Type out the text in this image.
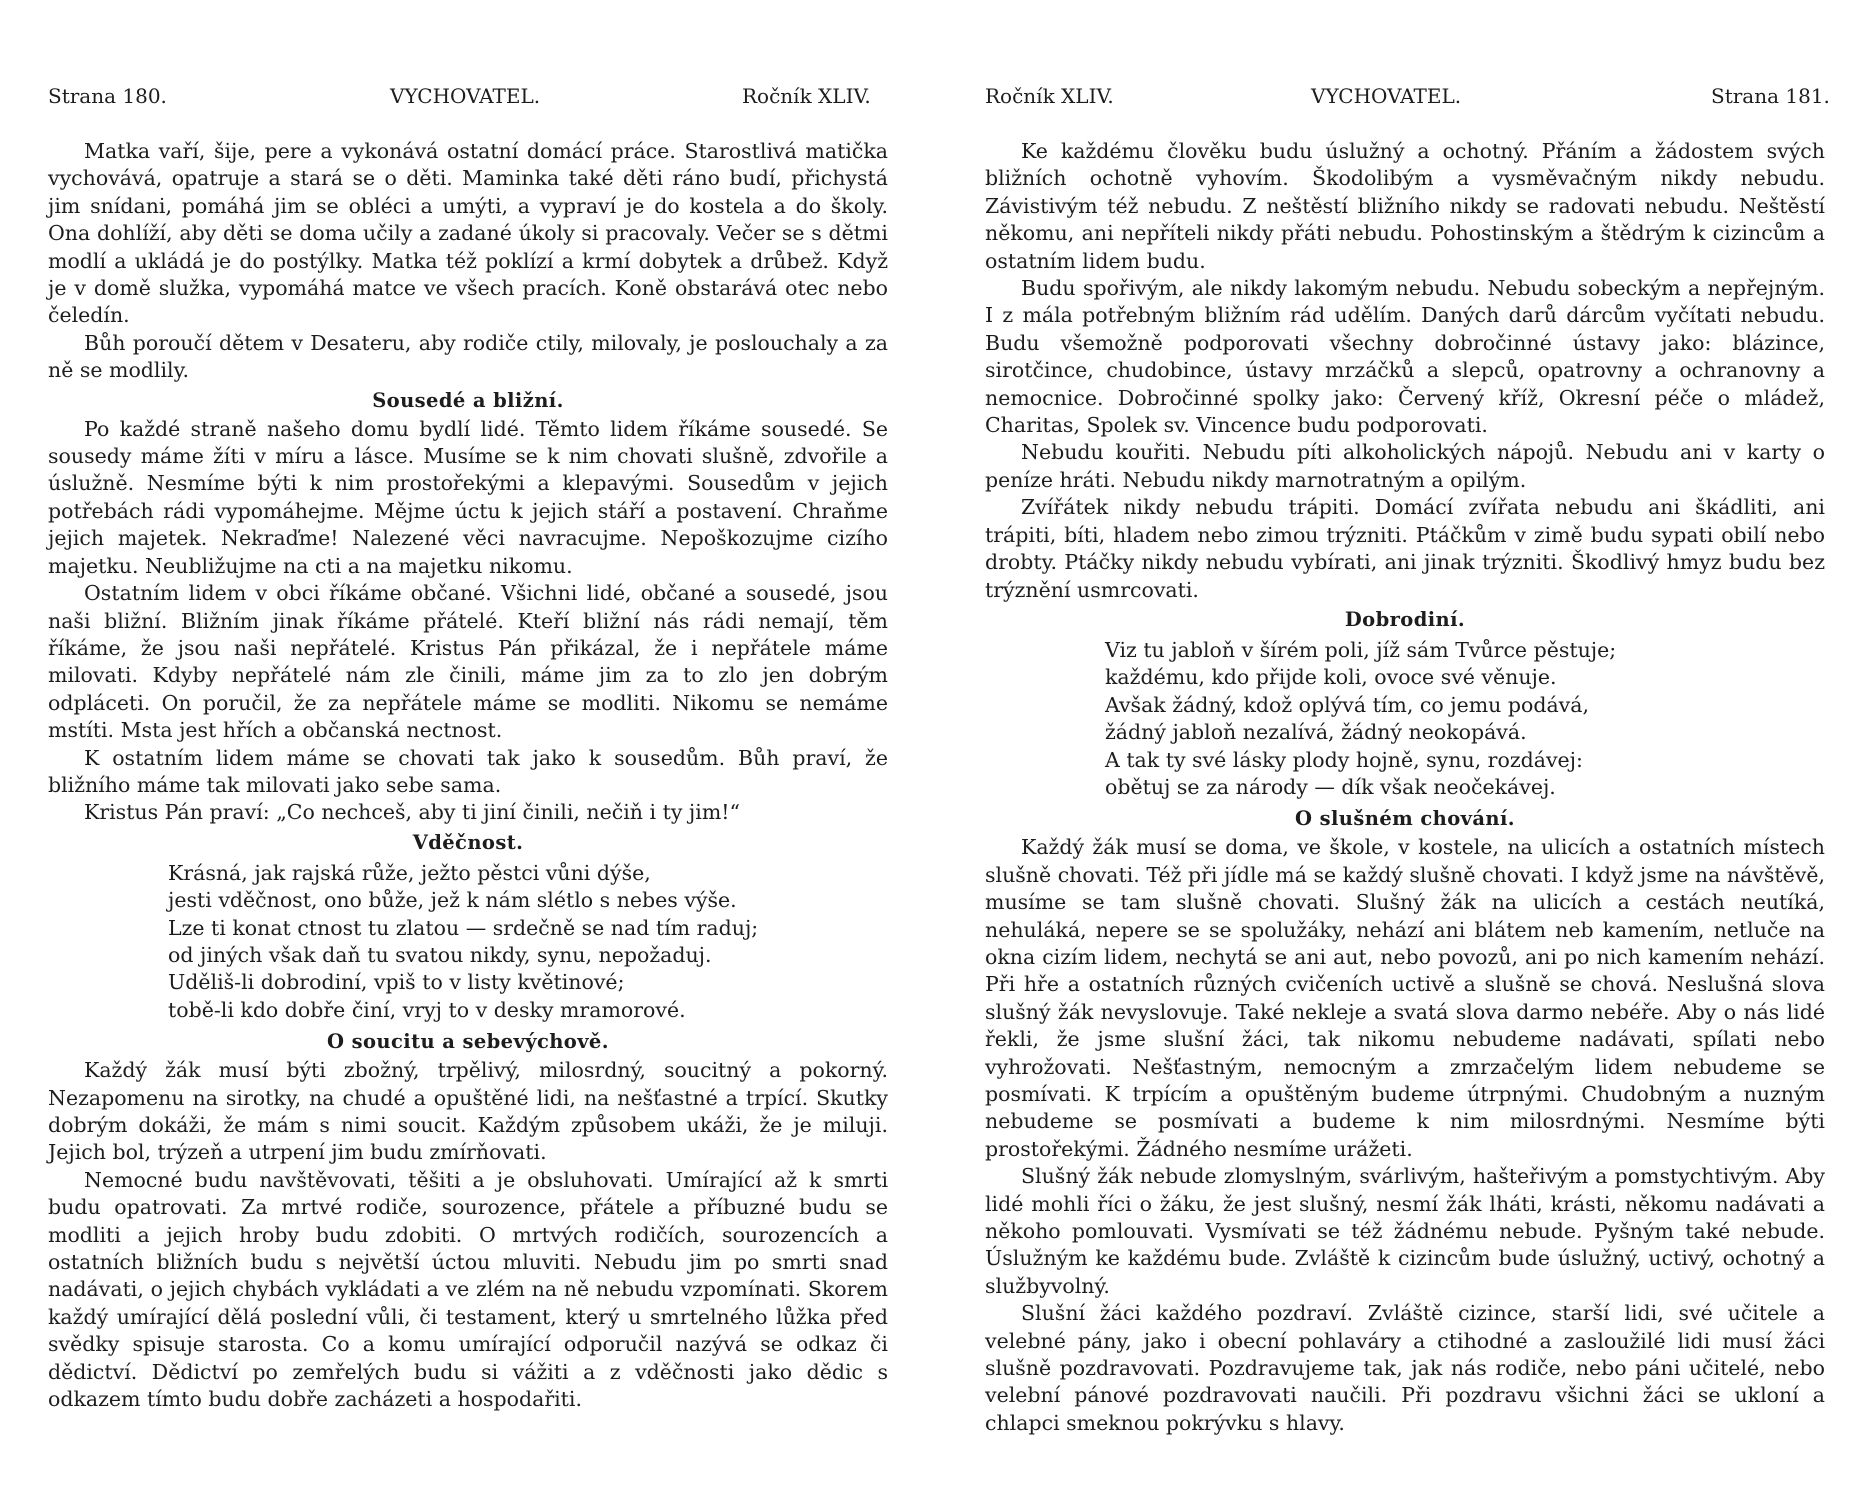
Strana 180.	VYCHOVATEL.	Ročník XLIV.

Matka vaří, šije, pere a vykonává ostatní domácí práce. Starostlivá matička vychovává, opatruje a stará se o děti. Maminka také děti ráno budí, přichystá jim snídani, pomáhá jim se obléci a umýti, a vypraví je do kostela a do školy. Ona dohlíží, aby děti se doma učily a zadané úkoly si pracovaly. Večer se s dětmi modlí a ukládá je do postýlky. Matka též poklízí a krmí dobytek a drůbež. Když je v domě služka, vypomáhá matce ve všech pracích. Koně obstarává otec nebo čeledín.

Bůh poroučí dětem v Desateru, aby rodiče ctily, milovaly, je poslouchaly a za ně se modlily.

Sousedé a bližní.

Po každé straně našeho domu bydlí lidé. Těmto lidem říkáme sousedé. Se sousedy máme žíti v míru a lásce. Musíme se k nim chovati slušně, zdvořile a úslužně. Nesmíme býti k nim prostořekými a klepavými. Sousedům v jejich potřebách rádi vypomáhejme. Mějme úctu k jejich stáří a postavení. Chraňme jejich majetek. Nekraďme! Nalezené věci navracujme. Nepoškozujme cizího majetku. Neubližujme na cti a na majetku nikomu.

Ostatním lidem v obci říkáme občané. Všichni lidé, občané a sousedé, jsou naši bližní. Bližním jinak říkáme přátelé. Kteří bližní nás rádi nemají, těm říkáme, že jsou naši nepřátelé. Kristus Pán přikázal, že i nepřátele máme milovati. Kdyby nepřátelé nám zle činili, máme jim za to zlo jen dobrým odpláceti. On poručil, že za nepřátele máme se modliti. Nikomu se nemáme mstíti. Msta jest hřích a občanská nectnost.

K ostatním lidem máme se chovati tak jako k sousedům. Bůh praví, že bližního máme tak milovati jako sebe sama.

Kristus Pán praví: „Co nechceš, aby ti jiní činili, nečiň i ty jim!“

Vděčnost.
Krásná, jak rajská růže, ježto pěstci vůni dýše,
jesti vděčnost, ono bůže, jež k nám slétlo s nebes výše.
Lze ti konat ctnost tu zlatou — srdečně se nad tím raduj;
od jiných však daň tu svatou nikdy, synu, nepožaduj.
Uděliš-li dobrodiní, vpiš to v listy květinové;
tobě-li kdo dobře činí, vryj to v desky mramorové.
O soucitu a sebevýchově.

Každý žák musí býti zbožný, trpělivý, milosrdný, soucitný a pokorný. Nezapomenu na sirotky, na chudé a opuštěné lidi, na nešťastné a trpící. Skutky dobrým dokáži, že mám s nimi soucit. Každým způsobem ukáži, že je miluji. Jejich bol, trýzeň a utrpení jim budu zmírňovati.

Nemocné budu navštěvovati, těšiti a je obsluhovati. Umírající až k smrti budu opatrovati. Za mrtvé rodiče, sourozence, přátele a příbuzné budu se modliti a jejich hroby budu zdobiti. O mrtvých rodičích, sourozencích a ostatních bližních budu s největší úctou mluviti. Nebudu jim po smrti snad nadávati, o jejich chybách vykládati a ve zlém na ně nebudu vzpomínati. Skorem každý umírající dělá poslední vůli, či testament, který u smrtelného lůžka před svědky spisuje starosta. Co a komu umírající odporučil nazývá se odkaz či dědictví. Dědictví po zemřelých budu si vážiti a z vděčnosti jako dědic s odkazem tímto budu dobře zacházeti a hospodařiti.

Ročník XLIV.	VYCHOVATEL.	Strana 181.

Ke každému člověku budu úslužný a ochotný. Přáním a žádostem svých bližních ochotně vyhovím. Škodolibým a vysměvačným nikdy nebudu. Závistivým též nebudu. Z neštěstí bližního nikdy se radovati nebudu. Neštěstí někomu, ani nepříteli nikdy přáti nebudu. Pohostinským a štědrým k cizincům a ostatním lidem budu.

Budu spořivým, ale nikdy lakomým nebudu. Nebudu sobeckým a nepřejným. I z mála potřebným bližním rád udělím. Daných darů dárcům vyčítati nebudu. Budu všemožně podporovati všechny dobročinné ústavy jako: blázince, sirotčince, chudobince, ústavy mrzáčků a slepců, opatrovny a ochranovny a nemocnice. Dobročinné spolky jako: Červený kříž, Okresní péče o mládež, Charitas, Spolek sv. Vincence budu podporovati.

Nebudu kouřiti. Nebudu píti alkoholických nápojů. Nebudu ani v karty o peníze hráti. Nebudu nikdy marnotratným a opilým.

Zvířátek nikdy nebudu trápiti. Domácí zvířata nebudu ani škádliti, ani trápiti, bíti, hladem nebo zimou trýzniti. Ptáčkům v zimě budu sypati obilí nebo drobty. Ptáčky nikdy nebudu vybírati, ani jinak trýzniti. Škodlivý hmyz budu bez trýznění usmrcovati.

Dobrodiní.
Viz tu jabloň v šírém poli, jíž sám Tvůrce pěstuje;
každému, kdo přijde koli, ovoce své věnuje.
Avšak žádný, kdož oplývá tím, co jemu podává,
žádný jabloň nezalívá, žádný neokopává.
A tak ty své lásky plody hojně, synu, rozdávej:
obětuj se za národy — dík však neočekávej.
O slušném chování.

Každý žák musí se doma, ve škole, v kostele, na ulicích a ostatních místech slušně chovati. Též při jídle má se každý slušně chovati. I když jsme na návštěvě, musíme se tam slušně chovati. Slušný žák na ulicích a cestách neutíká, nehuláká, nepere se se spolužáky, nehází ani blátem neb kamením, netluče na okna cizím lidem, nechytá se ani aut, nebo povozů, ani po nich kamením nehází. Při hře a ostatních různých cvičeních uctivě a slušně se chová. Neslušná slova slušný žák nevyslovuje. Také nekleje a svatá slova darmo nebéře. Aby o nás lidé řekli, že jsme slušní žáci, tak nikomu nebudeme nadávati, spílati nebo vyhrožovati. Nešťastným, nemocným a zmrzačelým lidem nebudeme se posmívati. K trpícím a opuštěným budeme útrpnými. Chudobným a nuzným nebudeme se posmívati a budeme k nim milosrdnými. Nesmíme býti prostořekými. Žádného nesmíme urážeti.

Slušný žák nebude zlomyslným, svárlivým, hašteřivým a pomstychtivým. Aby lidé mohli říci o žáku, že jest slušný, nesmí žák lháti, krásti, někomu nadávati a někoho pomlouvati. Vysmívati se též žádnému nebude. Pyšným také nebude. Úslužným ke každému bude. Zvláště k cizincům bude úslužný, uctivý, ochotný a službyvolný.

Slušní žáci každého pozdraví. Zvláště cizince, starší lidi, své učitele a velebné pány, jako i obecní pohlaváry a ctihodné a zasloužilé lidi musí žáci slušně pozdravovati. Pozdravujeme tak, jak nás rodiče, nebo páni učitelé, nebo velební pánové pozdravovati naučili. Při pozdravu všichni žáci se ukloní a chlapci smeknou pokrývku s hlavy.
